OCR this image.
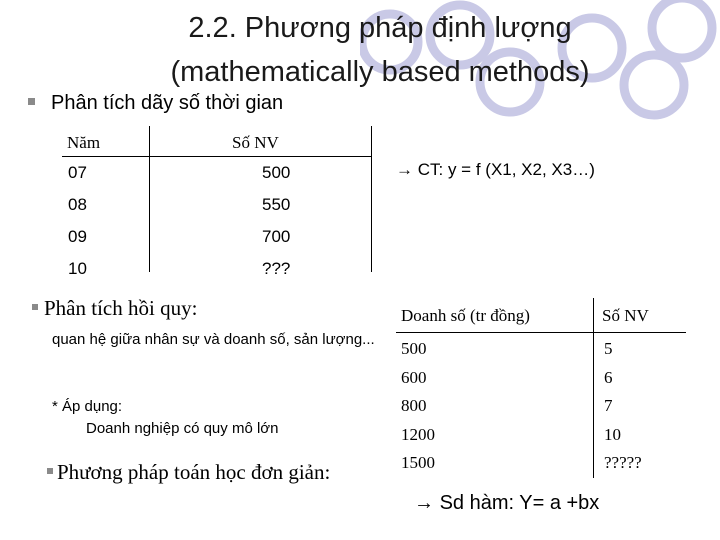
2.2. Phương pháp định lượng
(mathematically based methods)
Phân tích dãy số thời gian
Năm	Số NV
07
08
09
10
500
550
700
???
→ CT: y = f (X1, X2, X3…)
Phân tích hồi quy:
quan hệ giữa nhân sự và doanh số, sản lượng...
* Áp dụng:
Doanh nghiệp có quy mô lớn
Phương pháp toán học đơn giản:
Doanh số (tr đồng)	Số NV
500
600
800
1200
1500
5
6
7
10
?????
→ Sd hàm: Y= a +bx
